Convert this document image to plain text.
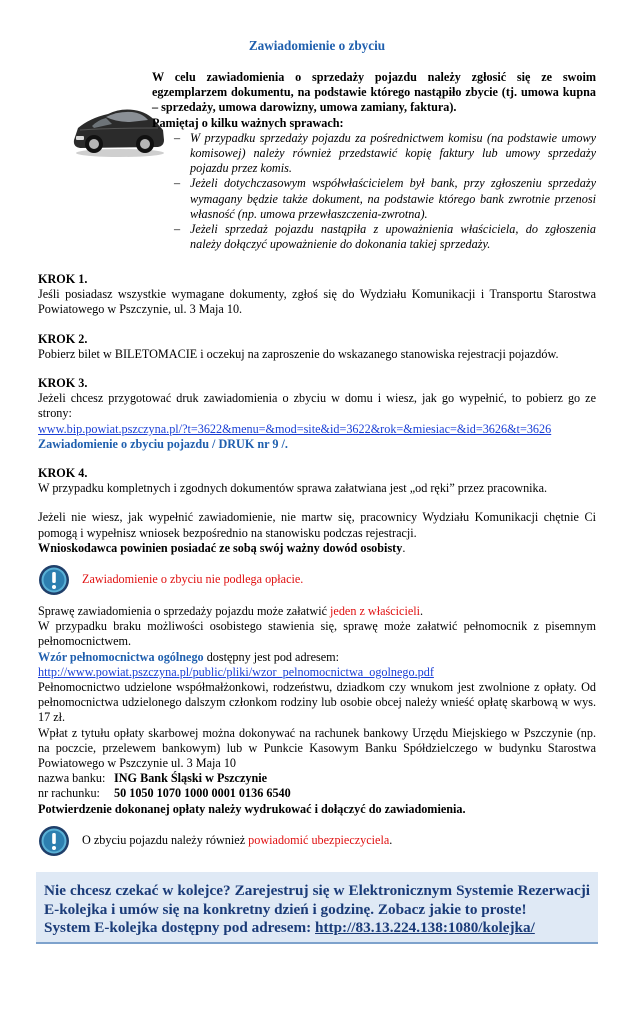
Zawiadomienie o zbyciu

W celu zawiadomienia o sprzedaży pojazdu należy zgłosić się ze swoim egzemplarzem dokumentu, na podstawie którego nastąpiło zbycie (tj. umowa kupna – sprzedaży, umowa darowizny, umowa zamiany, faktura).

Pamiętaj o kilku ważnych sprawach:

– W przypadku sprzedaży pojazdu za pośrednictwem komisu (na podstawie umowy komisowej) należy również przedstawić kopię faktury lub umowy sprzedaży pojazdu przez komis.
– Jeżeli dotychczasowym współwłaścicielem był bank, przy zgłoszeniu sprzedaży wymagany będzie także dokument, na podstawie którego bank zwrotnie przenosi własność (np. umowa przewłaszczenia-zwrotna).
– Jeżeli sprzedaż pojazdu nastąpiła z upoważnienia właściciela, do zgłoszenia należy dołączyć upoważnienie do dokonania takiej sprzedaży.

KROK 1.

Jeśli posiadasz wszystkie wymagane dokumenty, zgłoś się do Wydziału Komunikacji i Transportu Starostwa Powiatowego w Pszczynie, ul. 3 Maja 10.

KROK 2.

Pobierz bilet w BILETOMACIE i oczekuj na zaproszenie do wskazanego stanowiska rejestracji pojazdów.

KROK 3.

Jeżeli chcesz przygotować druk zawiadomienia o zbyciu w domu i wiesz, jak go wypełnić, to pobierz go ze strony:

www.bip.powiat.pszczyna.pl/?t=3622&menu=&mod=site&id=3622&rok=&miesiac=&id=3626&t=3626

Zawiadomienie o zbyciu pojazdu / DRUK nr 9 /.

KROK 4.

W przypadku kompletnych i zgodnych dokumentów sprawa załatwiana jest „od ręki” przez pracownika.

Jeżeli nie wiesz, jak wypełnić zawiadomienie, nie martw się, pracownicy Wydziału Komunikacji chętnie Ci pomogą i wypełnisz wniosek bezpośrednio na stanowisku podczas rejestracji.

Wnioskodawca powinien posiadać ze sobą swój ważny dowód osobisty.

Zawiadomienie o zbyciu nie podlega opłacie.

Sprawę zawiadomienia o sprzedaży pojazdu może załatwić jeden z właścicieli.

W przypadku braku możliwości osobistego stawienia się, sprawę może załatwić pełnomocnik z pisemnym pełnomocnictwem.

Wzór pełnomocnictwa ogólnego dostępny jest pod adresem:

http://www.powiat.pszczyna.pl/public/pliki/wzor_pelnomocnictwa_ogolnego.pdf

Pełnomocnictwo udzielone współmałżonkowi, rodzeństwu, dziadkom czy wnukom jest zwolnione z opłaty. Od pełnomocnictwa udzielonego dalszym członkom rodziny lub osobie obcej należy wnieść opłatę skarbową w wys. 17 zł.

Wpłat z tytułu opłaty skarbowej można dokonywać na rachunek bankowy Urzędu Miejskiego w Pszczynie (np. na poczcie, przelewem bankowym) lub w Punkcie Kasowym Banku Spółdzielczego w budynku Starostwa Powiatowego w Pszczynie ul. 3 Maja 10

nazwa banku: ING Bank Śląski w Pszczynie

nr rachunku: 50 1050 1070 1000 0001 0136 6540

Potwierdzenie dokonanej opłaty należy wydrukować i dołączyć do zawiadomienia.

O zbyciu pojazdu należy również powiadomić ubezpieczyciela.

Nie chcesz czekać w kolejce? Zarejestruj się w Elektronicznym Systemie Rezerwacji E-kolejka i umów się na konkretny dzień i godzinę. Zobacz jakie to proste!

System E-kolejka dostępny pod adresem: http://83.13.224.138:1080/kolejka/
